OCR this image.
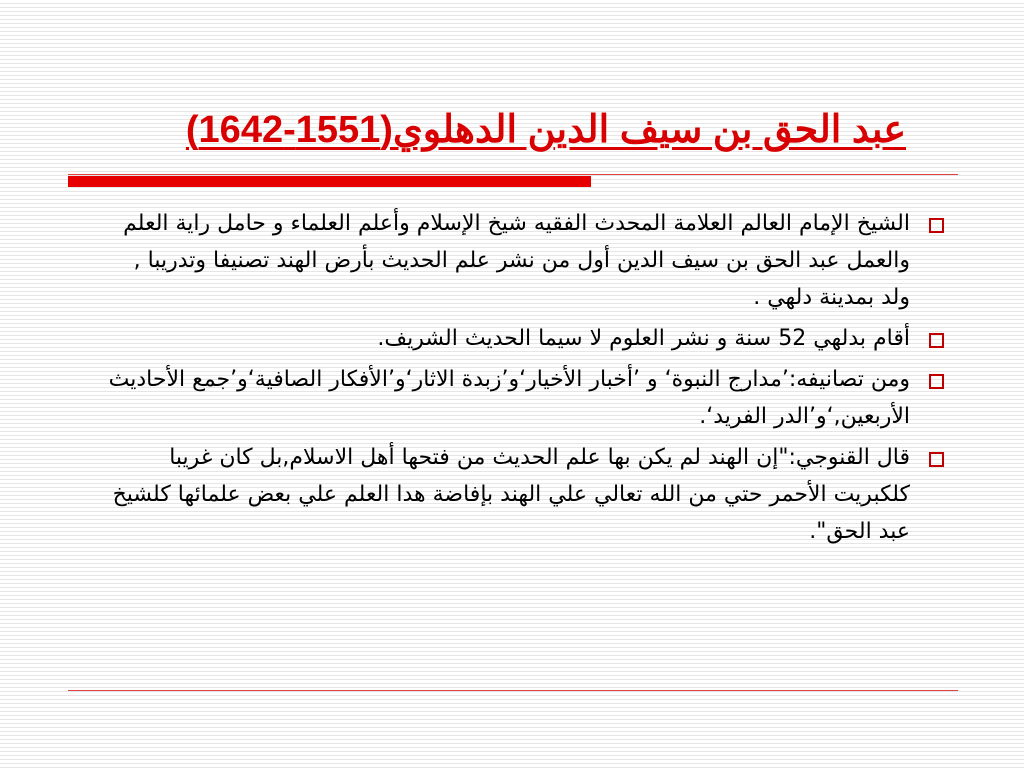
عبد الحق بن سيف الدين الدهلوي(1551-1642)
الشيخ الإمام العالم العلامة المحدث الفقيه شيخ الإسلام وأعلم العلماء و حامل راية العلم والعمل عبد الحق بن سيف الدين أول من نشر علم الحديث بأرض الهند تصنيفا وتدريبا , ولد بمدينة دلهي .
أقام بدلهي 52 سنة و نشر العلوم لا سيما الحديث الشريف.
ومن تصانيفه:’مدارج النبوة‘ و ’أخبار الأخيار‘و’زبدة الاثار‘و’الأفكار الصافية‘و’جمع الأحاديث الأربعين,‘و’الدر الفريد‘.
قال القنوجي:"إن الهند لم يكن بها علم الحديث من فتحها أهل الاسلام,بل كان غريبا كلكبريت الأحمر حتي من الله تعالي علي الهند بإفاضة هدا العلم علي بعض علمائها كلشيخ عبد الحق".
